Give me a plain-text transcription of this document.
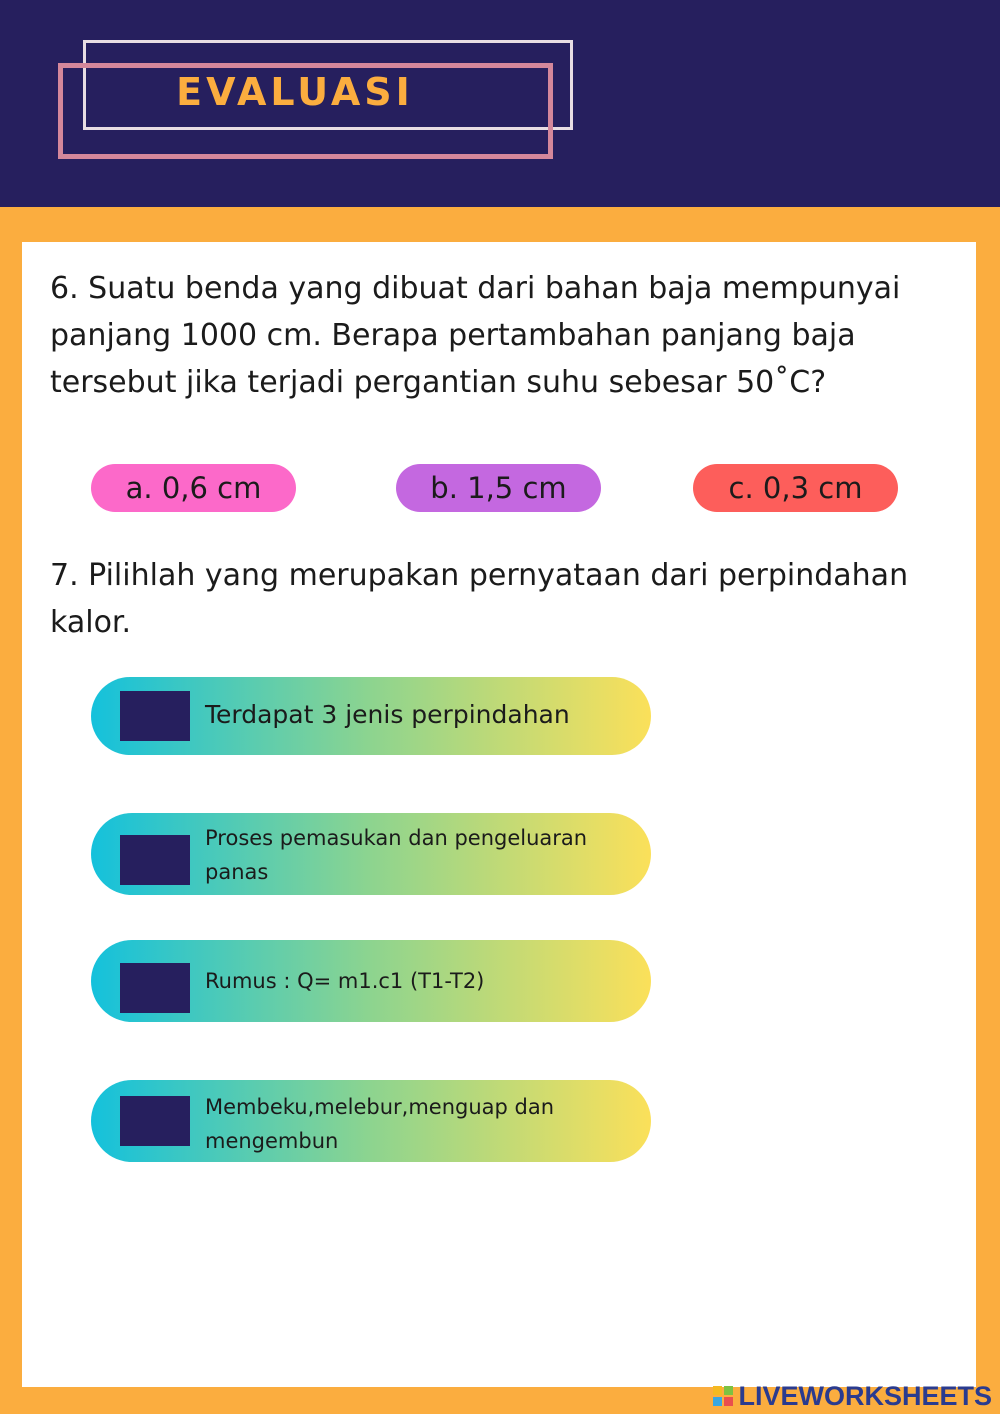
EVALUASI

6. Suatu benda yang dibuat dari bahan baja mempunyai panjang 1000 cm. Berapa pertambahan panjang baja tersebut jika terjadi pergantian suhu sebesar 50˚C?

a. 0,6 cm	b. 1,5 cm	c. 0,3 cm

7. Pilihlah yang merupakan pernyataan dari perpindahan kalor.

Terdapat 3 jenis perpindahan
Proses pemasukan dan pengeluaran panas
Rumus : Q= m1.c1 (T1-T2)
Membeku,melebur,menguap dan mengembun
LIVEWORKSHEETS
